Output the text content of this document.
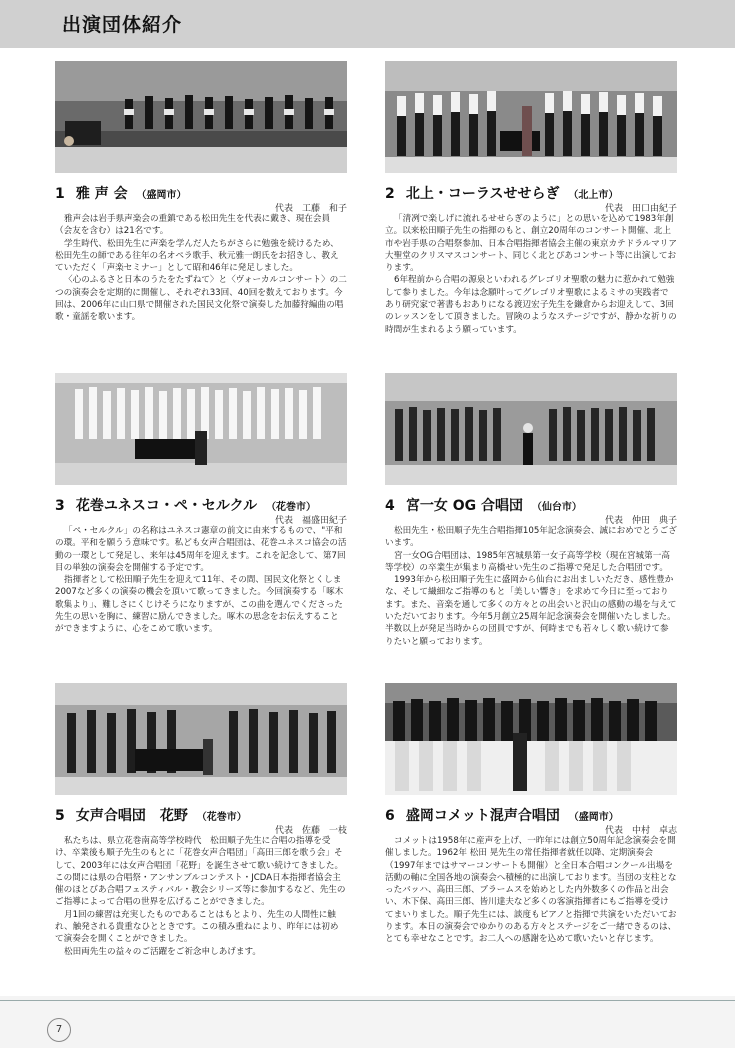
出演団体紹介
1 雅 声 会 （盛岡市）
代表　工藤　和子

雅声会は岩手県声楽会の重鎮である松田先生を代表に戴き、現在会員（会友を含む）は21名です。

学生時代、松田先生に声楽を学んだ人たちがさらに勉強を続けるため、松田先生の師である往年の名オペラ歌手、秋元雅一朗氏をお招きし、教えていただく「声楽セミナー」として昭和46年に発足しました。

〈心のふるさと日本のうたをたずねて〉と〈ヴォーカルコンサート〉の二つの演奏会を定期的に開催し、それぞれ33回、40回を数えております。今回は、2006年に山口県で開催された国民文化祭で演奏した加藤狩編曲の唱歌・童謡を歌います。

2 北上・コーラスせせらぎ （北上市）
代表　田口由紀子

「清冽で楽しげに流れるせせらぎのように」との思いを込めて1983年創立。以来松田順子先生の指揮のもと、創立20周年のコンサート開催、北上市や岩手県の合唱祭参加、日本合唱指揮者協会主催の東京カテドラルマリア大聖堂のクリスマスコンサート、同じく北とぴあコンサート等に出演しております。

6年程前から合唱の源泉といわれるグレゴリオ聖歌の魅力に惹かれて勉強して参りました。今年は念願叶ってグレゴリオ聖歌によるミサの実践者であり研究家で著書もおありになる渡辺宏子先生を鎌倉からお迎えして、3回のレッスンをして頂きました。冒険のようなステージですが、静かな祈りの時間が生まれるよう願っています。

3 花巻ユネスコ・ペ・セルクル （花巻市）
代表　福盛田紀子

「ペ・セルクル」の名称はユネスコ憲章の前文に由来するもので、"平和の環。平和を願うう意味です。私ども女声合唱団は、花巻ユネスコ協会の活動の一環として発足し、来年は45周年を迎えます。これを記念して、第7回目の単独の演奏会を開催する予定です。

指揮者として松田順子先生を迎えて11年、その間、国民文化祭とくしま2007など多くの演奏の機会を頂いて歌ってきました。今回演奏する「啄木歌集より」、難しさにくじけそうになりますが、この曲を選んでくださった先生の思いを胸に、練習に励んできました。啄木の思念をお伝えすることができますように、心をこめて歌います。

4 宮一女 OG 合唱団 （仙台市）
代表　仲田　典子

松田先生・松田順子先生合唱指揮105年記念演奏会、誠におめでとうございます。

宮一女OG合唱団は、1985年宮城県第一女子高等学校（現在宮城第一高等学校）の卒業生が集まり高橋せい先生のご指導で発足した合唱団です。

1993年から松田順子先生に盛岡から仙台にお出ましいただき、感性豊かな、そして繊細なご指導のもと「美しい響き」を求めて今日に至っております。また、音楽を通して多くの方々との出会いと沢山の感動の場を与えていただいております。今年5月創立25周年記念演奏会を開催いたしました。半数以上が発足当時からの団員ですが、何時までも若々しく歌い続けて参りたいと願っております。

5 女声合唱団　花野 （花巻市）
代表　佐藤　一枝

私たちは、県立花巻南高等学校時代　松田順子先生に合唱の指導を受け、卒業後も順子先生のもとに「花巻女声合唱団」「高田三郎を歌う会」そして、2003年には女声合唱団「花野」を誕生させて歌い続けてきました。この間には県の合唱祭・アンサンブルコンテスト・JCDA日本指揮者協会主催のほとびあ合唱フェスティバル・教会シリーズ等に参加するなど、先生のご指導によって合唱の世界を広げることができました。

月1回の練習は充実したものであることはもとより、先生の人間性に触れ、触発される貴重なひとときです。この積み重ねにより、昨年には初めて演奏会を開くことができました。

松田両先生の益々のご活躍をご祈念申しあげます。

6 盛岡コメット混声合唱団 （盛岡市）
代表　中村　卓志

コメットは1958年に産声を上げ、一昨年には創立50周年記念演奏会を開催しました。1962年 松田 晃先生の常任指揮者就任以降、定期演奏会（1997年まではサマーコンサートも開催）と全日本合唱コンクール出場を活動の軸に全国各地の演奏会へ積極的に出演しております。当団の支柱となったバッハ、高田三郎、ブラームスを始めとした内外数多くの作品と出会い、木下保、高田三郎、皆川達夫など多くの客演指揮者にもご指導を受けてまいりました。順子先生には、談度もピアノと指揮で共演をいただいております。本日の演奏会でゆかりのある方々とステージをご一緒できるのは、とても幸せなことです。お二人への感謝を込めて歌いたいと存じます。

7
